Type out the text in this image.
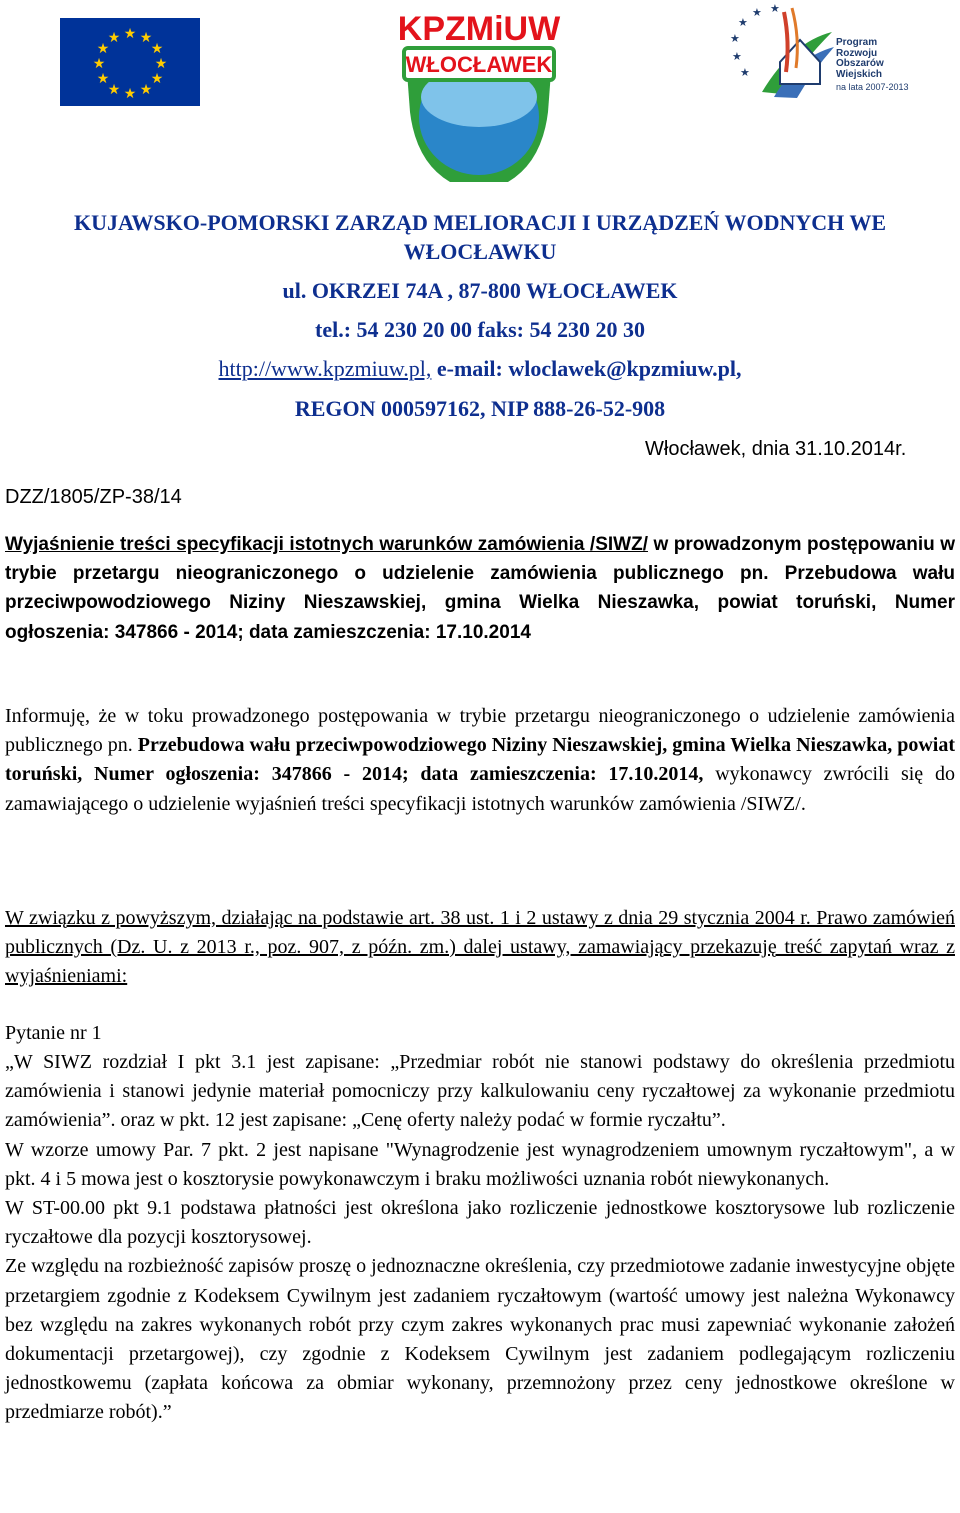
★ ★
★
★
★
★
★
★
★
★
★
★	KPZMiUW
WŁOCŁAWEK
★
★
★ ★
★
★
Program
Rozwoju
Obszarów
Wiejskich
na lata 2007-2013
KUJAWSKO-POMORSKI ZARZĄD MELIORACJI I URZĄDZEŃ WODNYCH WE WŁOCŁAWKU
ul. OKRZEI 74A , 87-800 WŁOCŁAWEK
tel.: 54 230 20 00 faks: 54 230 20 30
http://www.kpzmiuw.pl, e-mail: wloclawek@kpzmiuw.pl,
REGON 000597162, NIP 888-26-52-908
Włocławek, dnia 31.10.2014r.
DZZ/1805/ZP-38/14
Wyjaśnienie treści specyfikacji istotnych warunków zamówienia /SIWZ/ w prowadzonym postępowaniu w trybie przetargu nieograniczonego o udzielenie zamówienia publicznego pn. Przebudowa wału przeciwpowodziowego Niziny Nieszawskiej, gmina Wielka Nieszawka, powiat toruński, Numer ogłoszenia: 347866 - 2014; data zamieszczenia: 17.10.2014
Informuję, że w toku prowadzonego postępowania w trybie przetargu nieograniczonego o udzielenie zamówienia publicznego pn. Przebudowa wału przeciwpowodziowego Niziny Nieszawskiej, gmina Wielka Nieszawka, powiat toruński, Numer ogłoszenia: 347866 - 2014; data zamieszczenia: 17.10.2014, wykonawcy zwrócili się do zamawiającego o udzielenie wyjaśnień treści specyfikacji istotnych warunków zamówienia /SIWZ/.
W związku z powyższym, działając na podstawie art. 38 ust. 1 i 2 ustawy z dnia 29 stycznia 2004 r. Prawo zamówień publicznych (Dz. U. z 2013 r., poz. 907, z późn. zm.) dalej ustawy, zamawiający przekazuję treść zapytań wraz z wyjaśnieniami:
Pytanie nr 1
„W SIWZ rozdział I pkt 3.1 jest zapisane: „Przedmiar robót nie stanowi podstawy do określenia przedmiotu zamówienia i stanowi jedynie materiał pomocniczy przy kalkulowaniu ceny ryczałtowej za wykonanie przedmiotu zamówienia”. oraz w pkt. 12 jest zapisane: „Cenę oferty należy podać w formie ryczałtu”.
W wzorze umowy Par. 7 pkt. 2 jest napisane "Wynagrodzenie jest wynagrodzeniem umownym ryczałtowym", a w pkt. 4 i 5 mowa jest o kosztorysie powykonawczym i braku możliwości uznania robót niewykonanych.
W ST-00.00 pkt 9.1 podstawa płatności jest określona jako rozliczenie jednostkowe kosztorysowe lub rozliczenie ryczałtowe dla pozycji kosztorysowej.
Ze względu na rozbieżność zapisów proszę o jednoznaczne określenia, czy przedmiotowe zadanie inwestycyjne objęte przetargiem zgodnie z Kodeksem Cywilnym jest zadaniem ryczałtowym (wartość umowy jest należna Wykonawcy bez względu na zakres wykonanych robót przy czym zakres wykonanych prac musi zapewniać wykonanie założeń dokumentacji przetargowej), czy zgodnie z Kodeksem Cywilnym jest zadaniem podlegającym rozliczeniu jednostkowemu (zapłata końcowa za obmiar wykonany, przemnożony przez ceny jednostkowe określone w przedmiarze robót).”
